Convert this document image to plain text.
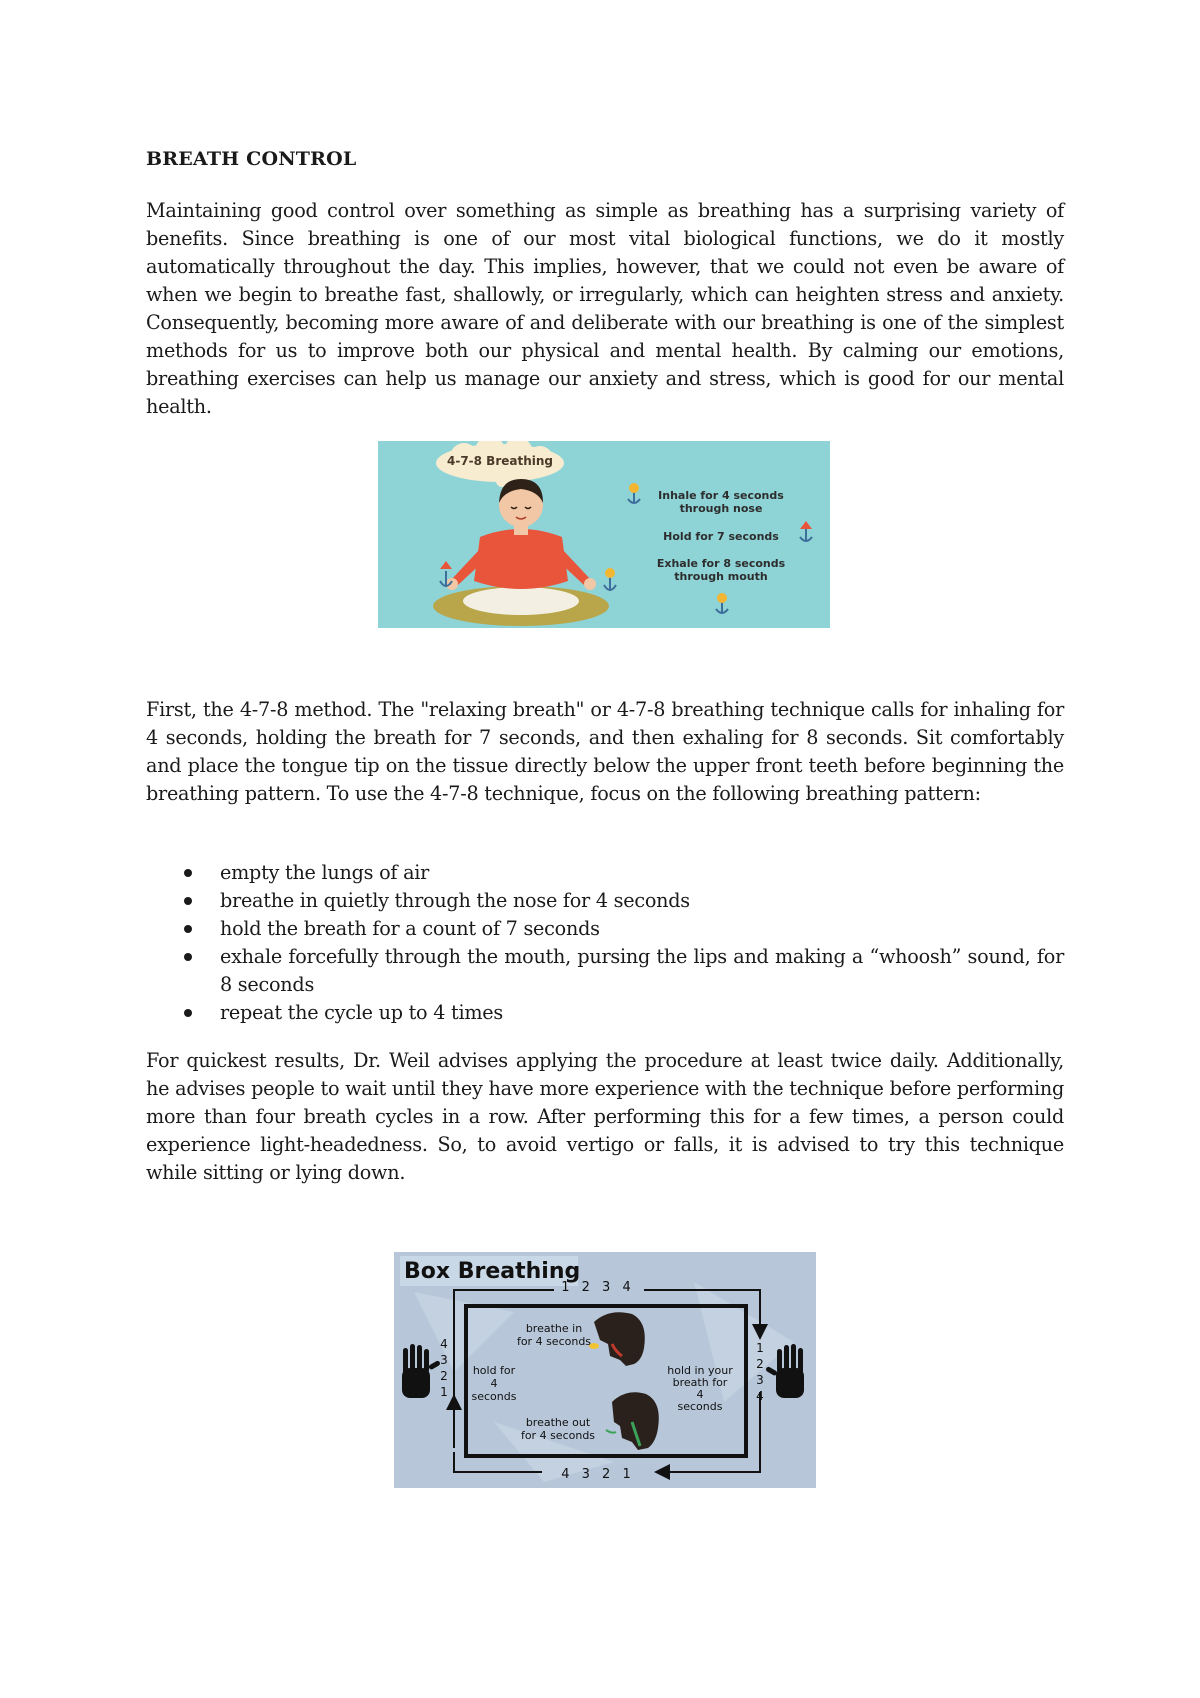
BREATH CONTROL

Maintaining good control over something as simple as breathing has a surprising variety of benefits. Since breathing is one of our most vital biological functions, we do it mostly automatically throughout the day. This implies, however, that we could not even be aware of when we begin to breathe fast, shallowly, or irregularly, which can heighten stress and anxiety. Consequently, becoming more aware of and deliberate with our breathing is one of the simplest methods for us to improve both our physical and mental health. By calming our emotions, breathing exercises can help us manage our anxiety and stress, which is good for our mental health.

4-7-8 Breathing
Inhale for 4 seconds
through nose
Hold for 7 seconds
Exhale for 8 seconds
through mouth

First, the 4-7-8 method. The "relaxing breath" or 4-7-8 breathing technique calls for inhaling for 4 seconds, holding the breath for 7 seconds, and then exhaling for 8 seconds. Sit comfortably and place the tongue tip on the tissue directly below the upper front teeth before beginning the breathing pattern. To use the 4-7-8 technique, focus on the following breathing pattern:

empty the lungs of air
breathe in quietly through the nose for 4 seconds
hold the breath for a count of 7 seconds
exhale forcefully through the mouth, pursing the lips and making a “whoosh” sound, for 8 seconds
repeat the cycle up to 4 times

For quickest results, Dr. Weil advises applying the procedure at least twice daily. Additionally, he advises people to wait until they have more experience with the technique before performing more than four breath cycles in a row. After performing this for a few times, a person could experience light-headedness. So, to avoid vertigo or falls, it is advised to try this technique while sitting or lying down.

Box Breathing
1 2 3 4
4 3 2 1
4
3
2
1
1
2
3
4
breathe in
for 4 seconds
hold for
4
seconds
hold in your
breath for
4
seconds
breathe out
for 4 seconds
